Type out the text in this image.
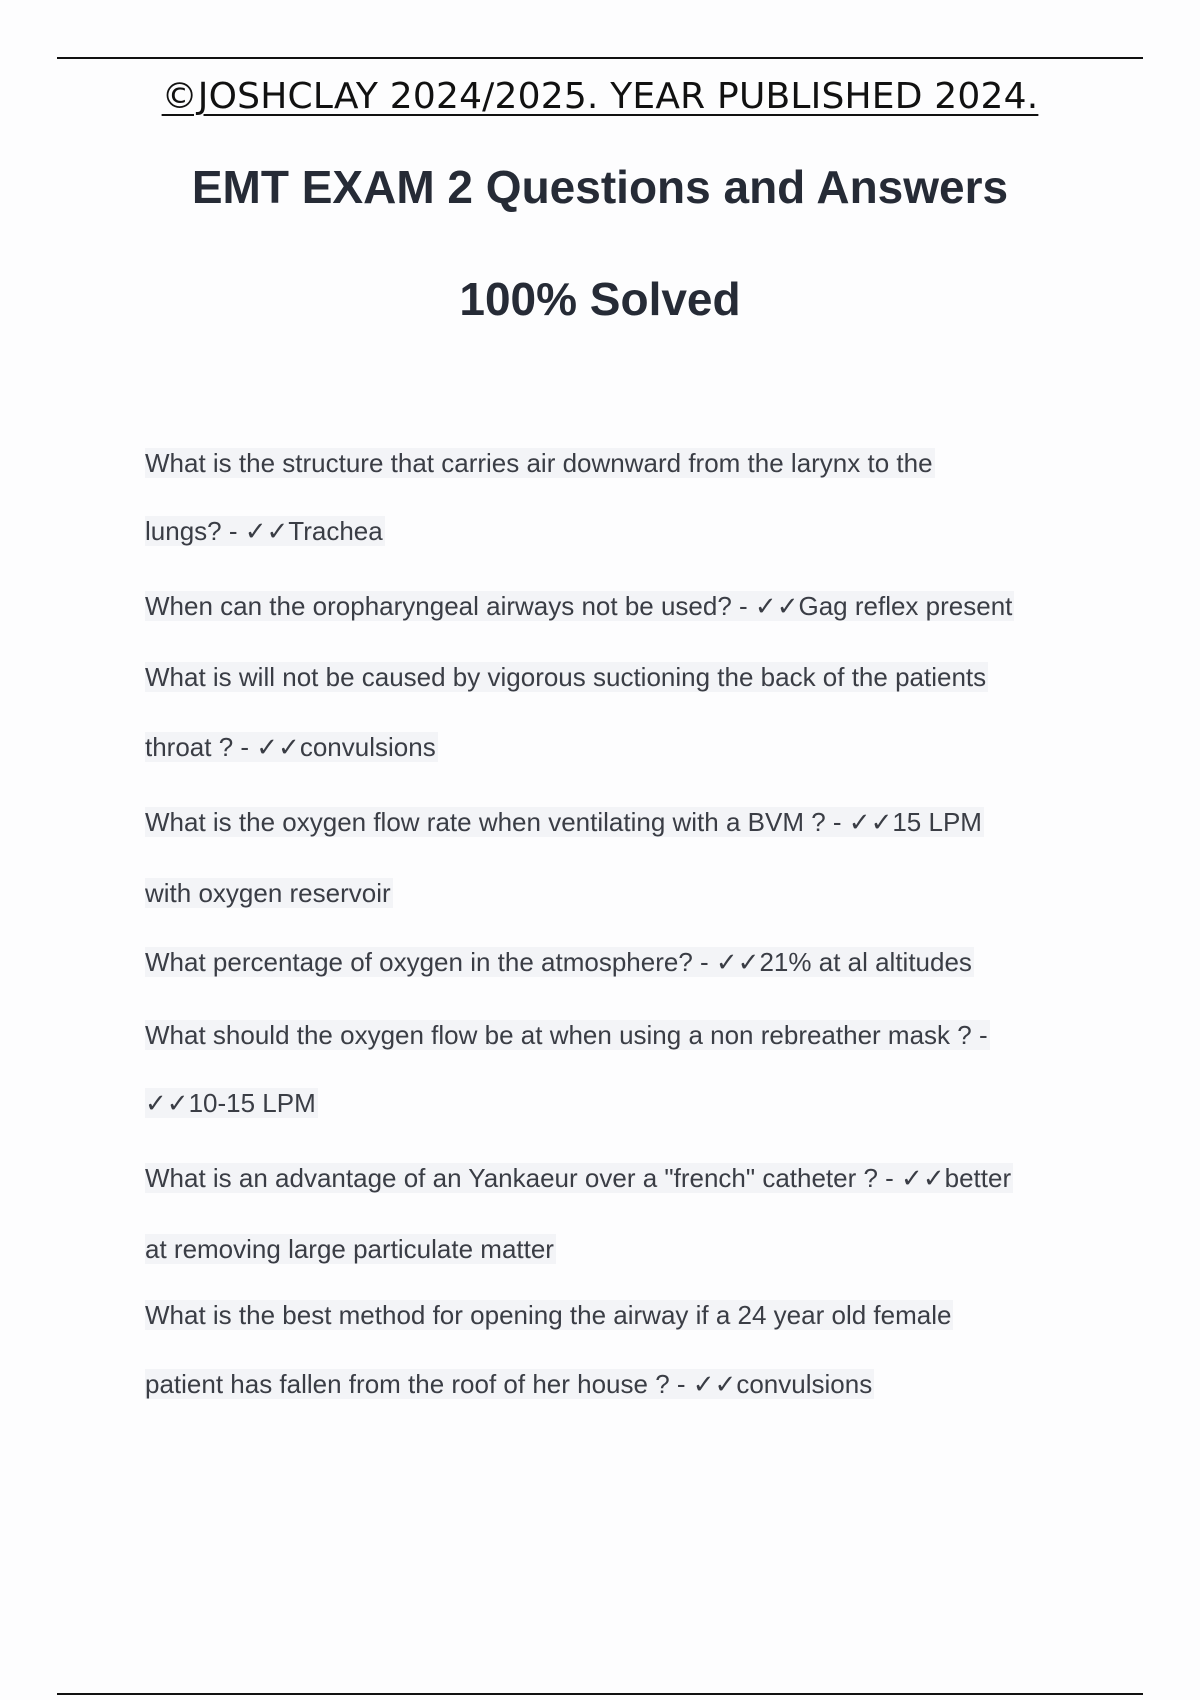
©JOSHCLAY 2024/2025. YEAR PUBLISHED 2024.
EMT EXAM 2 Questions and Answers
100% Solved
What is the structure that carries air downward from the larynx to the
lungs? - ✓✓Trachea
When can the oropharyngeal airways not be used? - ✓✓Gag reflex present
What is will not be caused by vigorous suctioning the back of the patients
throat ? - ✓✓convulsions
What is the oxygen flow rate when ventilating with a BVM ? - ✓✓15 LPM
with oxygen reservoir
What percentage of oxygen in the atmosphere? - ✓✓21% at al altitudes
What should the oxygen flow be at when using a non rebreather mask ? -
✓✓10-15 LPM
What is an advantage of an Yankaeur over a "french" catheter ? - ✓✓better
at removing large particulate matter
What is the best method for opening the airway if a 24 year old female
patient has fallen from the roof of her house ? - ✓✓convulsions
